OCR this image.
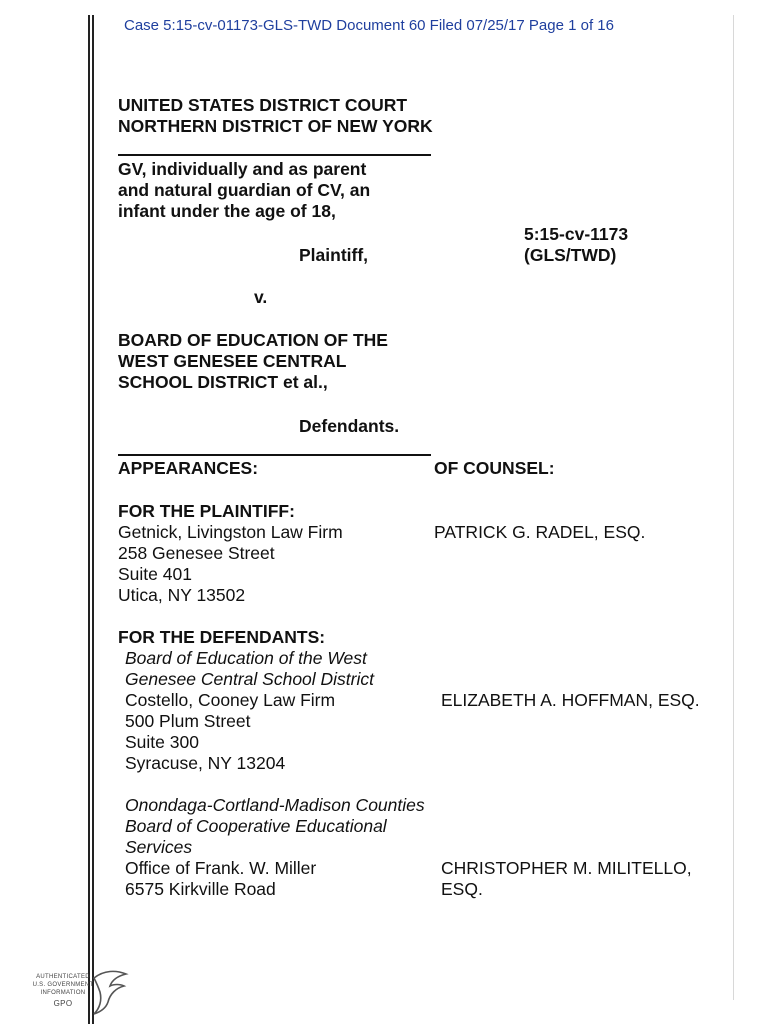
Case 5:15-cv-01173-GLS-TWD Document 60 Filed 07/25/17 Page 1 of 16
UNITED STATES DISTRICT COURT
NORTHERN DISTRICT OF NEW YORK
GV, individually and as parent
and natural guardian of CV, an
infant under the age of 18,
5:15-cv-1173
Plaintiff,	(GLS/TWD)
v.
BOARD OF EDUCATION OF THE
WEST GENESEE CENTRAL
SCHOOL DISTRICT et al.,
Defendants.
APPEARANCES:	OF COUNSEL:
FOR THE PLAINTIFF:
Getnick, Livingston Law Firm	PATRICK G. RADEL, ESQ.
258 Genesee Street
Suite 401
Utica, NY 13502
FOR THE DEFENDANTS:
Board of Education of the West
Genesee Central School District
Costello, Cooney Law Firm	ELIZABETH A. HOFFMAN, ESQ.
500 Plum Street
Suite 300
Syracuse, NY 13204
Onondaga-Cortland-Madison Counties
Board of Cooperative Educational
Services
Office of Frank. W. Miller	CHRISTOPHER M. MILITELLO,
6575 Kirkville Road	ESQ.
AUTHENTICATED
U.S. GOVERNMENT
INFORMATION
GPO
